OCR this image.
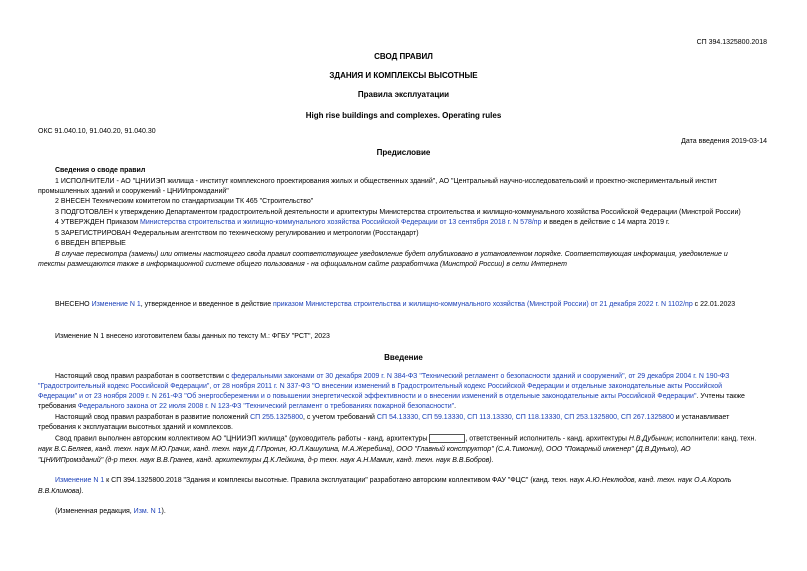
СП 394.1325800.2018
СВОД ПРАВИЛ
ЗДАНИЯ И КОМПЛЕКСЫ ВЫСОТНЫЕ
Правила эксплуатации
High rise buildings and complexes. Operating rules
ОКС 91.040.10, 91.040.20, 91.040.30
Дата введения 2019-03-14
Предисловие
Сведения о своде правил
1 ИСПОЛНИТЕЛИ - АО "ЦНИИЭП жилища - институт комплексного проектирования жилых и общественных зданий", АО "Центральный научно-исследовательский и проектно-экспериментальный инстит
промышленных зданий и сооружений - ЦНИИпромзданий"
2 ВНЕСЕН Техническим комитетом по стандартизации ТК 465 "Строительство"
3 ПОДГОТОВЛЕН к утверждению Департаментом градостроительной деятельности и архитектуры Министерства строительства и жилищно-коммунального хозяйства Российской Федерации (Минстрой России)
4 УТВЕРЖДЕН Приказом Министерства строительства и жилищно-коммунального хозяйства Российской Федерации от 13 сентября 2018 г. N 578/пр и введен в действие с 14 марта 2019 г.
5 ЗАРЕГИСТРИРОВАН Федеральным агентством по техническому регулированию и метрологии (Росстандарт)
6 ВВЕДЕН ВПЕРВЫЕ
В случае пересмотра (замены) или отмены настоящего свода правил соответствующее уведомление будет опубликовано в установленном порядке. Соответствующая информация, уведомление и
тексты размещаются также в информационной системе общего пользования - на официальном сайте разработчика (Минстрой России) в сети Интернет
ВНЕСЕНО Изменение N 1, утвержденное и введенное в действие приказом Министерства строительства и жилищно-коммунального хозяйства (Минстрой России) от 21 декабря 2022 г. N 1102/пр с 22.01.2023
Изменение N 1 внесено изготовителем базы данных по тексту М.: ФГБУ "РСТ", 2023
Введение
Настоящий свод правил разработан в соответствии с федеральными законами от 30 декабря 2009 г. N 384-ФЗ "Технический регламент о безопасности зданий и сооружений", от 29 декабря 2004 г. N 190-ФЗ
"Градостроительный кодекс Российской Федерации", от 28 ноября 2011 г. N 337-ФЗ "О внесении изменений в Градостроительный кодекс Российской Федерации и отдельные законодательные акты Российской
Федерации" и от 23 ноября 2009 г. N 261-ФЗ "Об энергосбережении и о повышении энергетической эффективности и о внесении изменений в отдельные законодательные акты Российской Федерации". Учтены также
требования Федерального закона от 22 июля 2008 г. N 123-ФЗ "Технический регламент о требованиях пожарной безопасности".
Настоящий свод правил разработан в развитие положений СП 255.1325800, с учетом требований СП 54.13330, СП 59.13330, СП 113.13330, СП 118.13330, СП 253.1325800, СП 267.1325800 и устанавливает
требования к эксплуатации высотных зданий и комплексов.
Свод правил выполнен авторским коллективом АО "ЦНИИЭП жилища" (руководитель работы - канд. архитектуры	, ответственный исполнитель - канд. архитектуры Н.В.Дубынин; исполнители: канд. техн.
наук В.С.Беляев, канд. техн. наук М.Ю.Грачик, канд. техн. наук Д.Г.Пронин, Ю.Л.Кашулина, М.А.Жеребина), ООО "Главный конструктор" (С.А.Тимонин), ООО "Пожарный инженер" (Д.В.Дунько), АО
"ЦНИИПромзданий" (д-р техн. наук В.В.Гранев, канд. архитектуры Д.К.Лейкина, д-р техн. наук А.Н.Мамин, канд. техн. наук В.В.Бобров).
Изменение N 1 к СП 394.1325800.2018 "Здания и комплексы высотные. Правила эксплуатации" разработано авторским коллективом ФАУ "ФЦС" (канд. техн. наук А.Ю.Неклюдов, канд. техн. наук О.А.Король
В.В.Климова).
(Измененная редакция, Изм. N 1).
